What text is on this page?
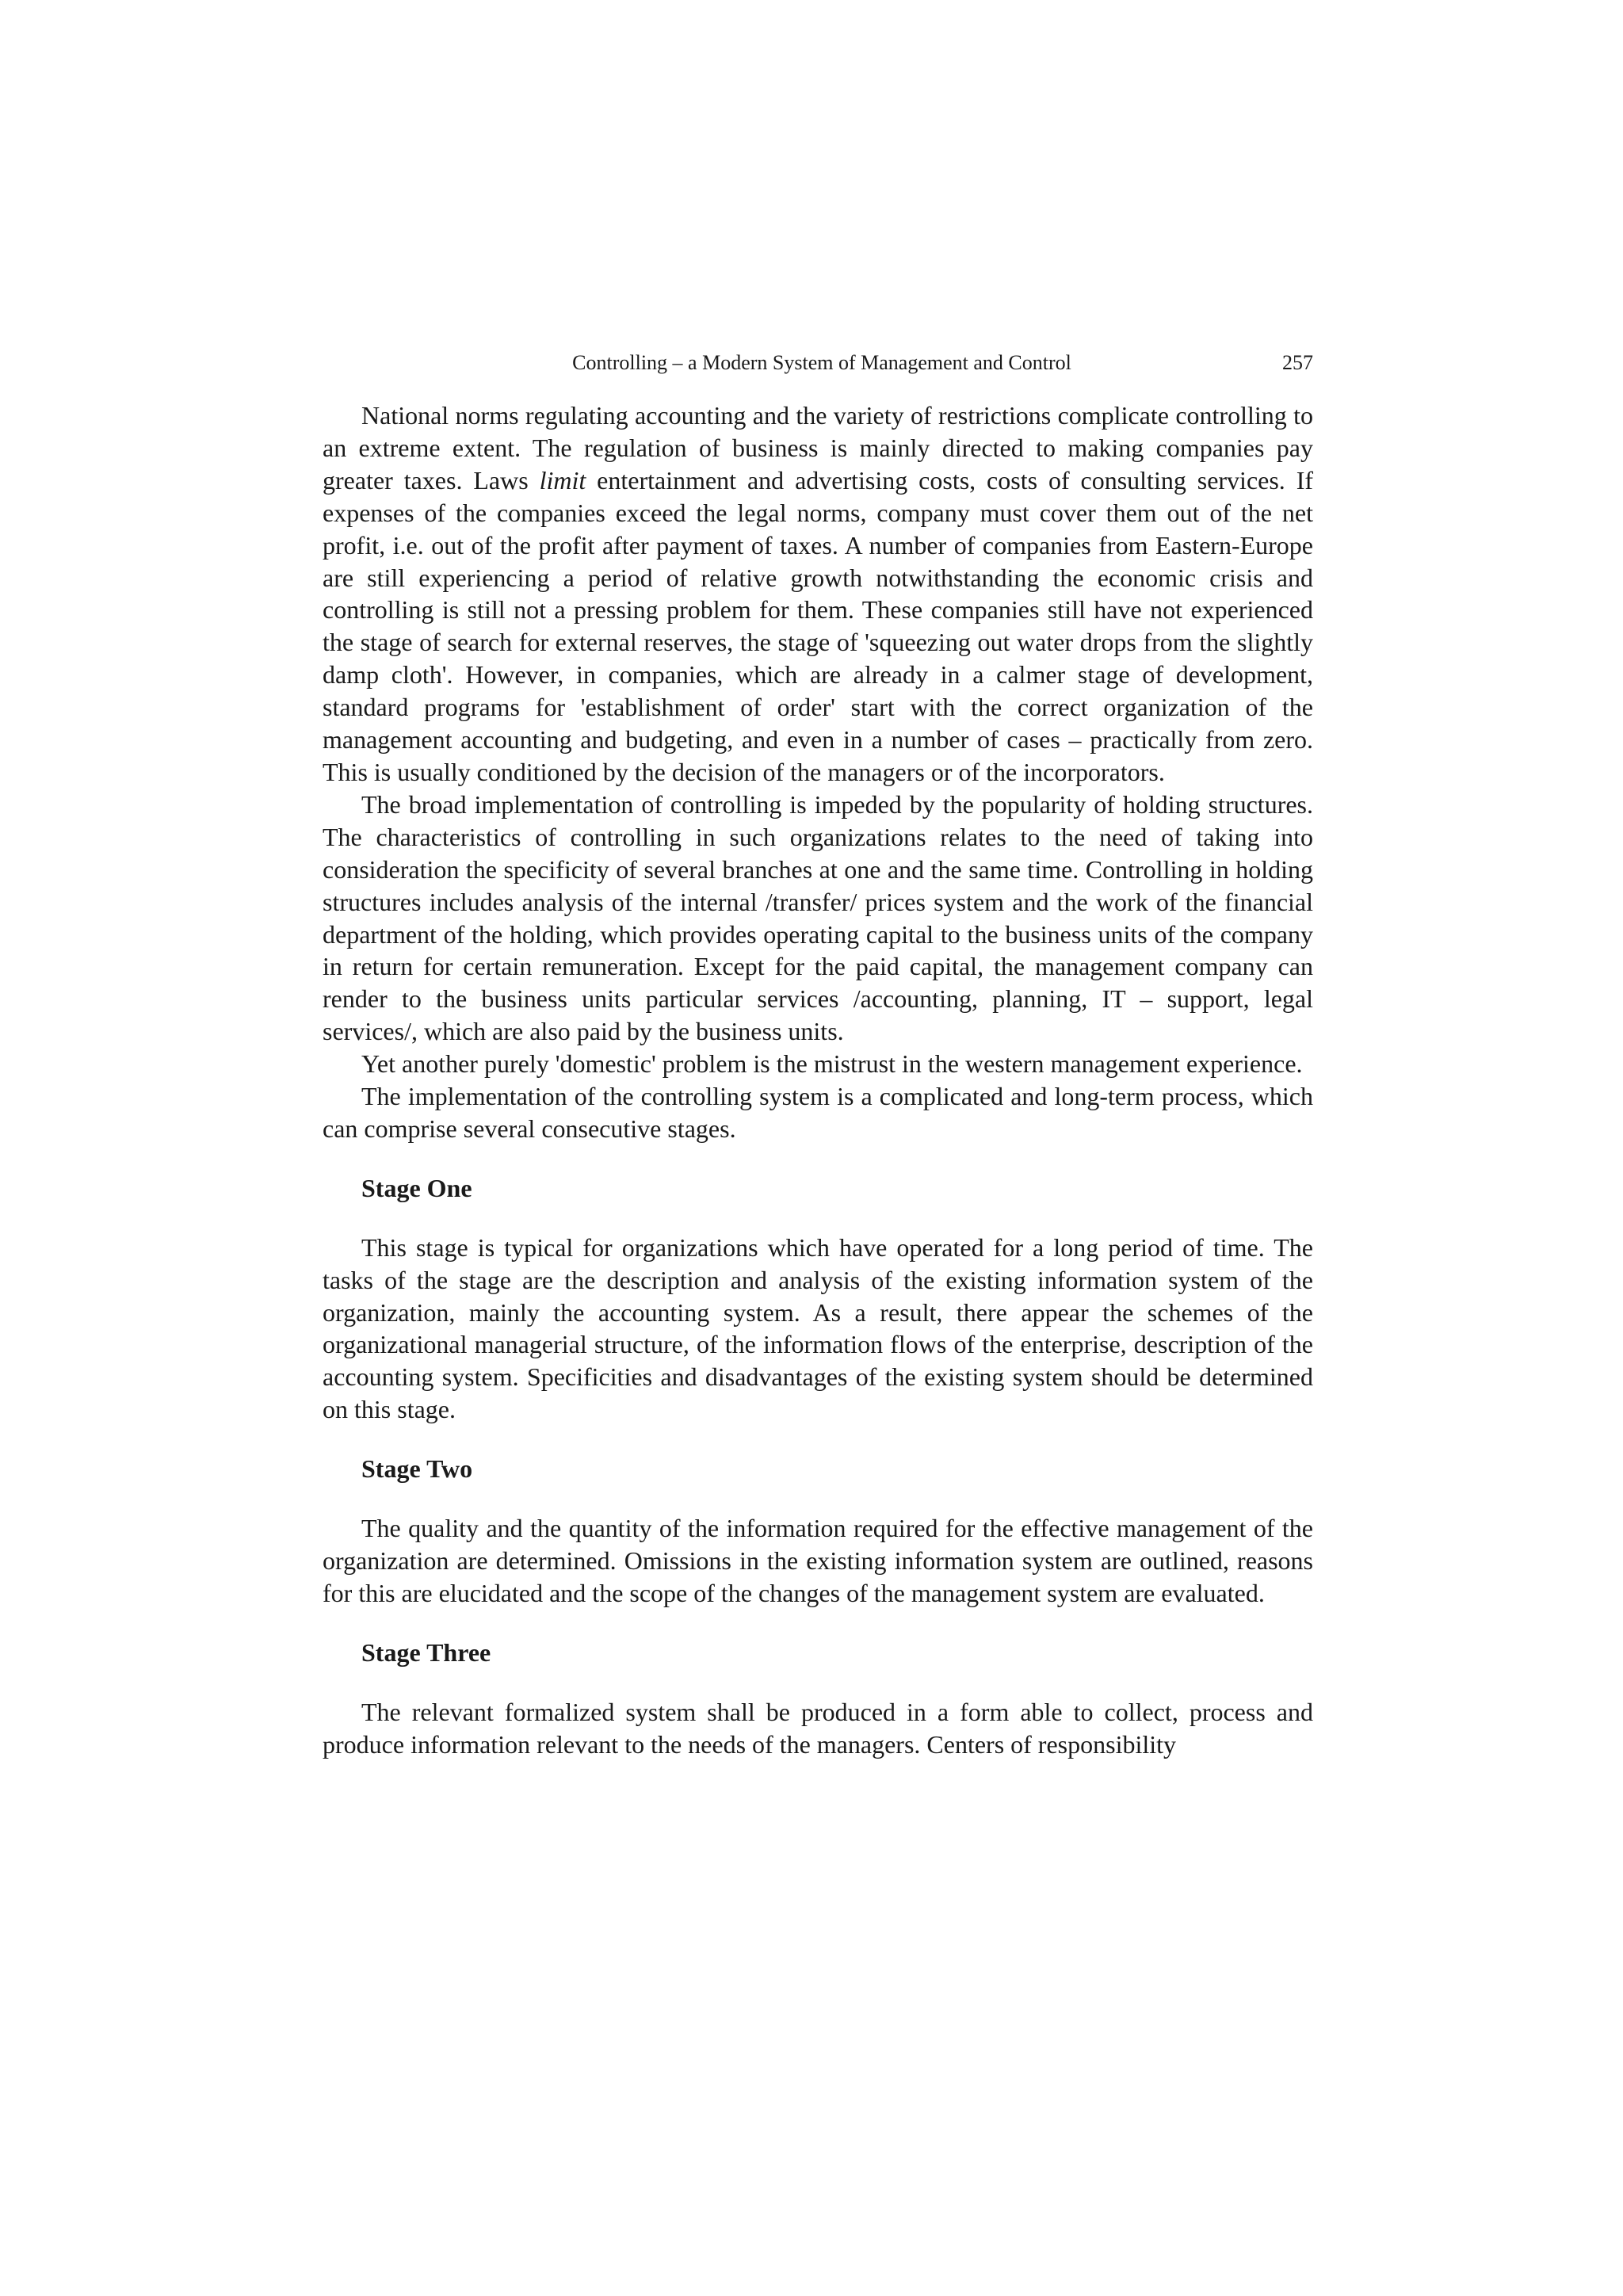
Controlling – a Modern System of Management and Control	257

National norms regulating accounting and the variety of restrictions complicate controlling to an extreme extent. The regulation of business is mainly directed to making companies pay greater taxes. Laws limit entertainment and advertising costs, costs of consulting services. If expenses of the companies exceed the legal norms, company must cover them out of the net profit, i.e. out of the profit after payment of taxes. A number of companies from Eastern-Europe are still experiencing a period of relative growth notwithstanding the economic crisis and controlling is still not a pressing problem for them. These companies still have not experienced the stage of search for external reserves, the stage of 'squeezing out water drops from the slightly damp cloth'. However, in companies, which are already in a calmer stage of development, standard programs for 'establishment of order' start with the correct organization of the management accounting and budgeting, and even in a number of cases – practically from zero. This is usually conditioned by the decision of the managers or of the incorporators.

The broad implementation of controlling is impeded by the popularity of holding structures. The characteristics of controlling in such organizations relates to the need of taking into consideration the specificity of several branches at one and the same time. Controlling in holding structures includes analysis of the internal /transfer/ prices system and the work of the financial department of the holding, which provides operating capital to the business units of the company in return for certain remuneration. Except for the paid capital, the management company can render to the business units particular services /accounting, planning, IT – support, legal services/, which are also paid by the business units.

Yet another purely 'domestic' problem is the mistrust in the western management experience.

The implementation of the controlling system is a complicated and long-term process, which can comprise several consecutive stages.

Stage One

This stage is typical for organizations which have operated for a long period of time. The tasks of the stage are the description and analysis of the existing information system of the organization, mainly the accounting system. As a result, there appear the schemes of the organizational managerial structure, of the information flows of the enterprise, description of the accounting system. Specificities and disadvantages of the existing system should be determined on this stage.

Stage Two

The quality and the quantity of the information required for the effective management of the organization are determined. Omissions in the existing information system are outlined, reasons for this are elucidated and the scope of the changes of the management system are evaluated.

Stage Three

The relevant formalized system shall be produced in a form able to collect, process and produce information relevant to the needs of the managers. Centers of responsibility
